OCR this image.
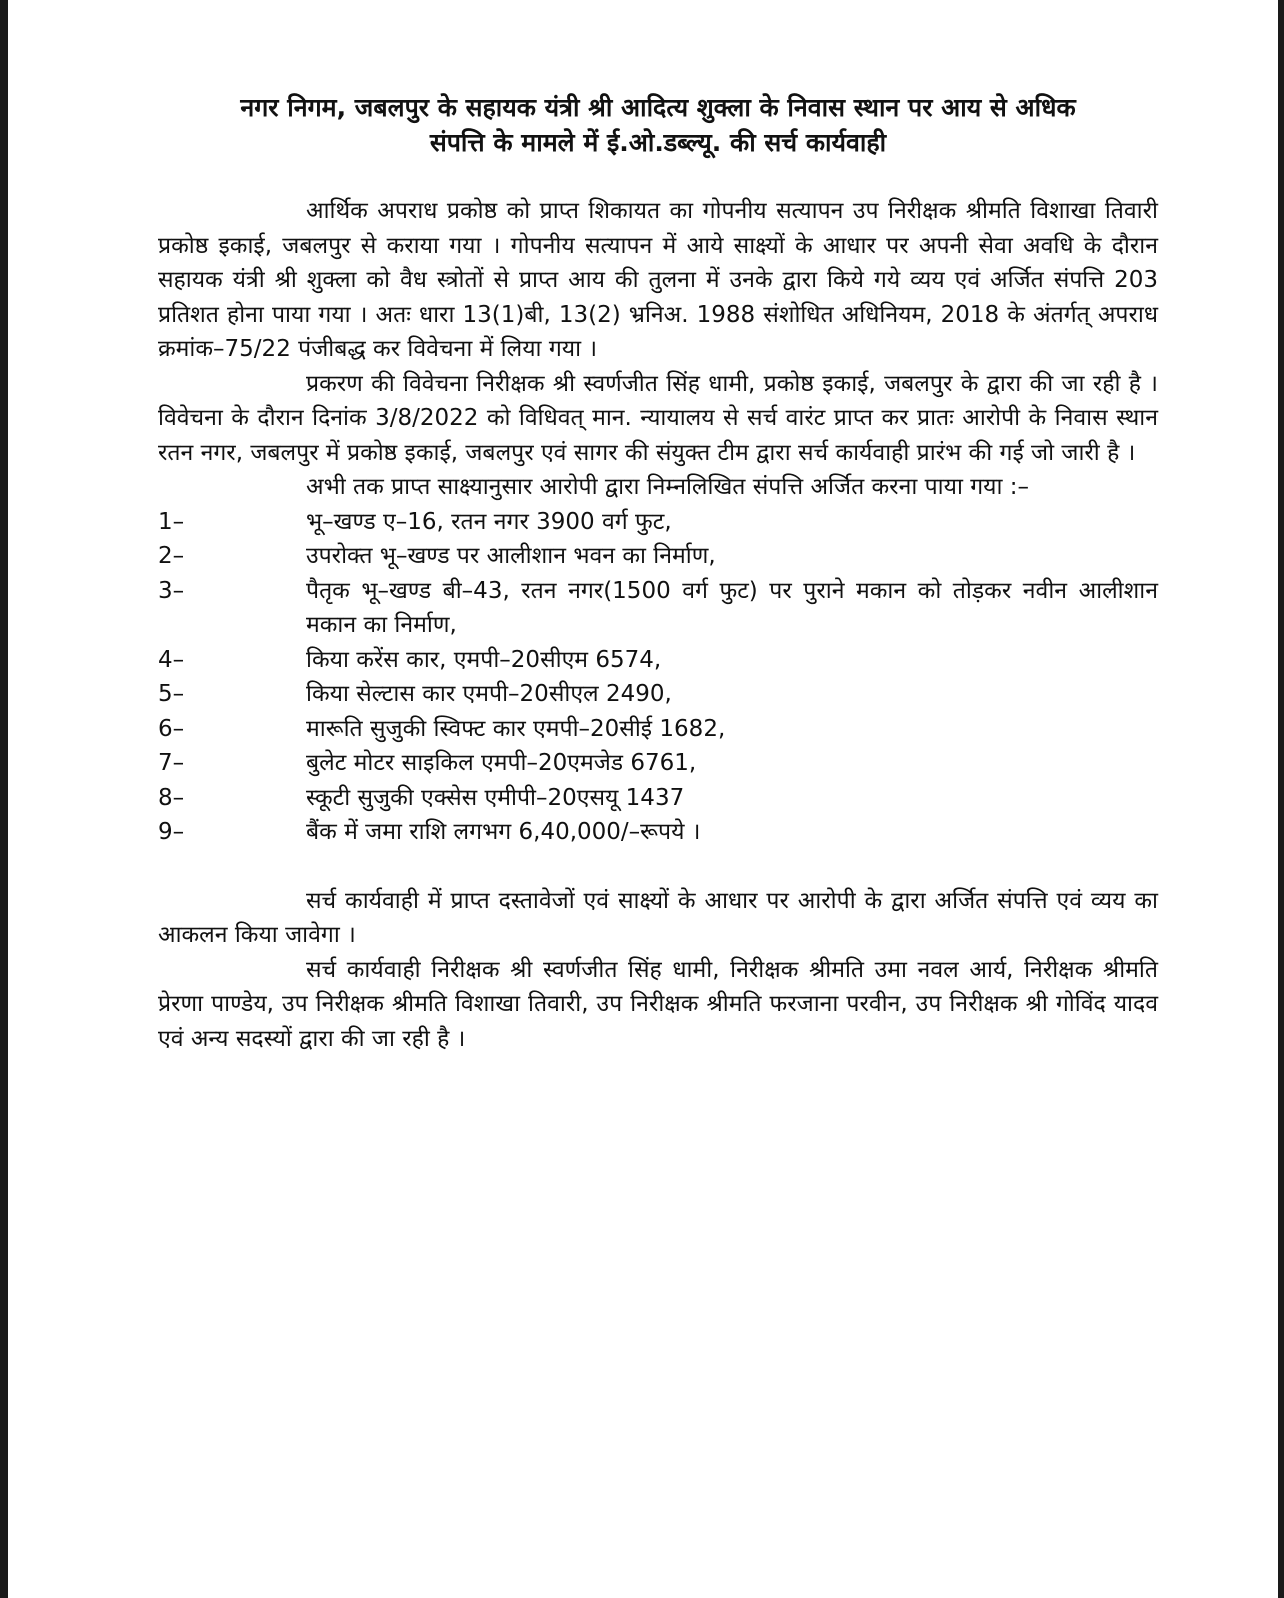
नगर निगम, जबलपुर के सहायक यंत्री श्री आदित्य शुक्ला के निवास स्थान पर आय से अधिक
संपत्ति के मामले में ई.ओ.डब्ल्यू. की सर्च कार्यवाही

आर्थिक अपराध प्रकोष्ठ को प्राप्त शिकायत का गोपनीय सत्यापन उप निरीक्षक श्रीमति विशाखा तिवारी प्रकोष्ठ इकाई, जबलपुर से कराया गया । गोपनीय सत्यापन में आये साक्ष्यों के आधार पर अपनी सेवा अवधि के दौरान सहायक यंत्री श्री शुक्ला को वैध स्त्रोतों से प्राप्त आय की तुलना में उनके द्वारा किये गये व्यय एवं अर्जित संपत्ति 203 प्रतिशत होना पाया गया । अतः धारा 13(1)बी, 13(2) भ्रनिअ. 1988 संशोधित अधिनियम, 2018 के अंतर्गत् अपराध क्रमांक–75/22 पंजीबद्ध कर विवेचना में लिया गया ।

प्रकरण की विवेचना निरीक्षक श्री स्वर्णजीत सिंह धामी, प्रकोष्ठ इकाई, जबलपुर के द्वारा की जा रही है । विवेचना के दौरान दिनांक 3/8/2022 को विधिवत् मान. न्यायालय से सर्च वारंट प्राप्त कर प्रातः आरोपी के निवास स्थान रतन नगर, जबलपुर में प्रकोष्ठ इकाई, जबलपुर एवं सागर की संयुक्त टीम द्वारा सर्च कार्यवाही प्रारंभ की गई जो जारी है ।

अभी तक प्राप्त साक्ष्यानुसार आरोपी द्वारा निम्नलिखित संपत्ति अर्जित करना पाया गया :–

1–	भू–खण्ड ए–16, रतन नगर 3900 वर्ग फुट,
2–	उपरोक्त भू–खण्ड पर आलीशान भवन का निर्माण,
3–	पैतृक भू–खण्ड बी–43, रतन नगर(1500 वर्ग फुट) पर पुराने मकान को तोड़कर नवीन आलीशान मकान का निर्माण,
4–	किया करेंस कार, एमपी–20सीएम 6574,
5–	किया सेल्टास कार एमपी–20सीएल 2490,
6–	मारूति सुजुकी स्विफ्ट कार एमपी–20सीई 1682,
7–	बुलेट मोटर साइकिल एमपी–20एमजेड 6761,
8–	स्कूटी सुजुकी एक्सेस एमीपी–20एसयू 1437
9–	बैंक में जमा राशि लगभग 6,40,000/–रूपये ।

सर्च कार्यवाही में प्राप्त दस्तावेजों एवं साक्ष्यों के आधार पर आरोपी के द्वारा अर्जित संपत्ति एवं व्यय का आकलन किया जावेगा ।

सर्च कार्यवाही निरीक्षक श्री स्वर्णजीत सिंह धामी, निरीक्षक श्रीमति उमा नवल आर्य, निरीक्षक श्रीमति प्रेरणा पाण्डेय, उप निरीक्षक श्रीमति विशाखा तिवारी, उप निरीक्षक श्रीमति फरजाना परवीन, उप निरीक्षक श्री गोविंद यादव एवं अन्य सदस्यों द्वारा की जा रही है ।
